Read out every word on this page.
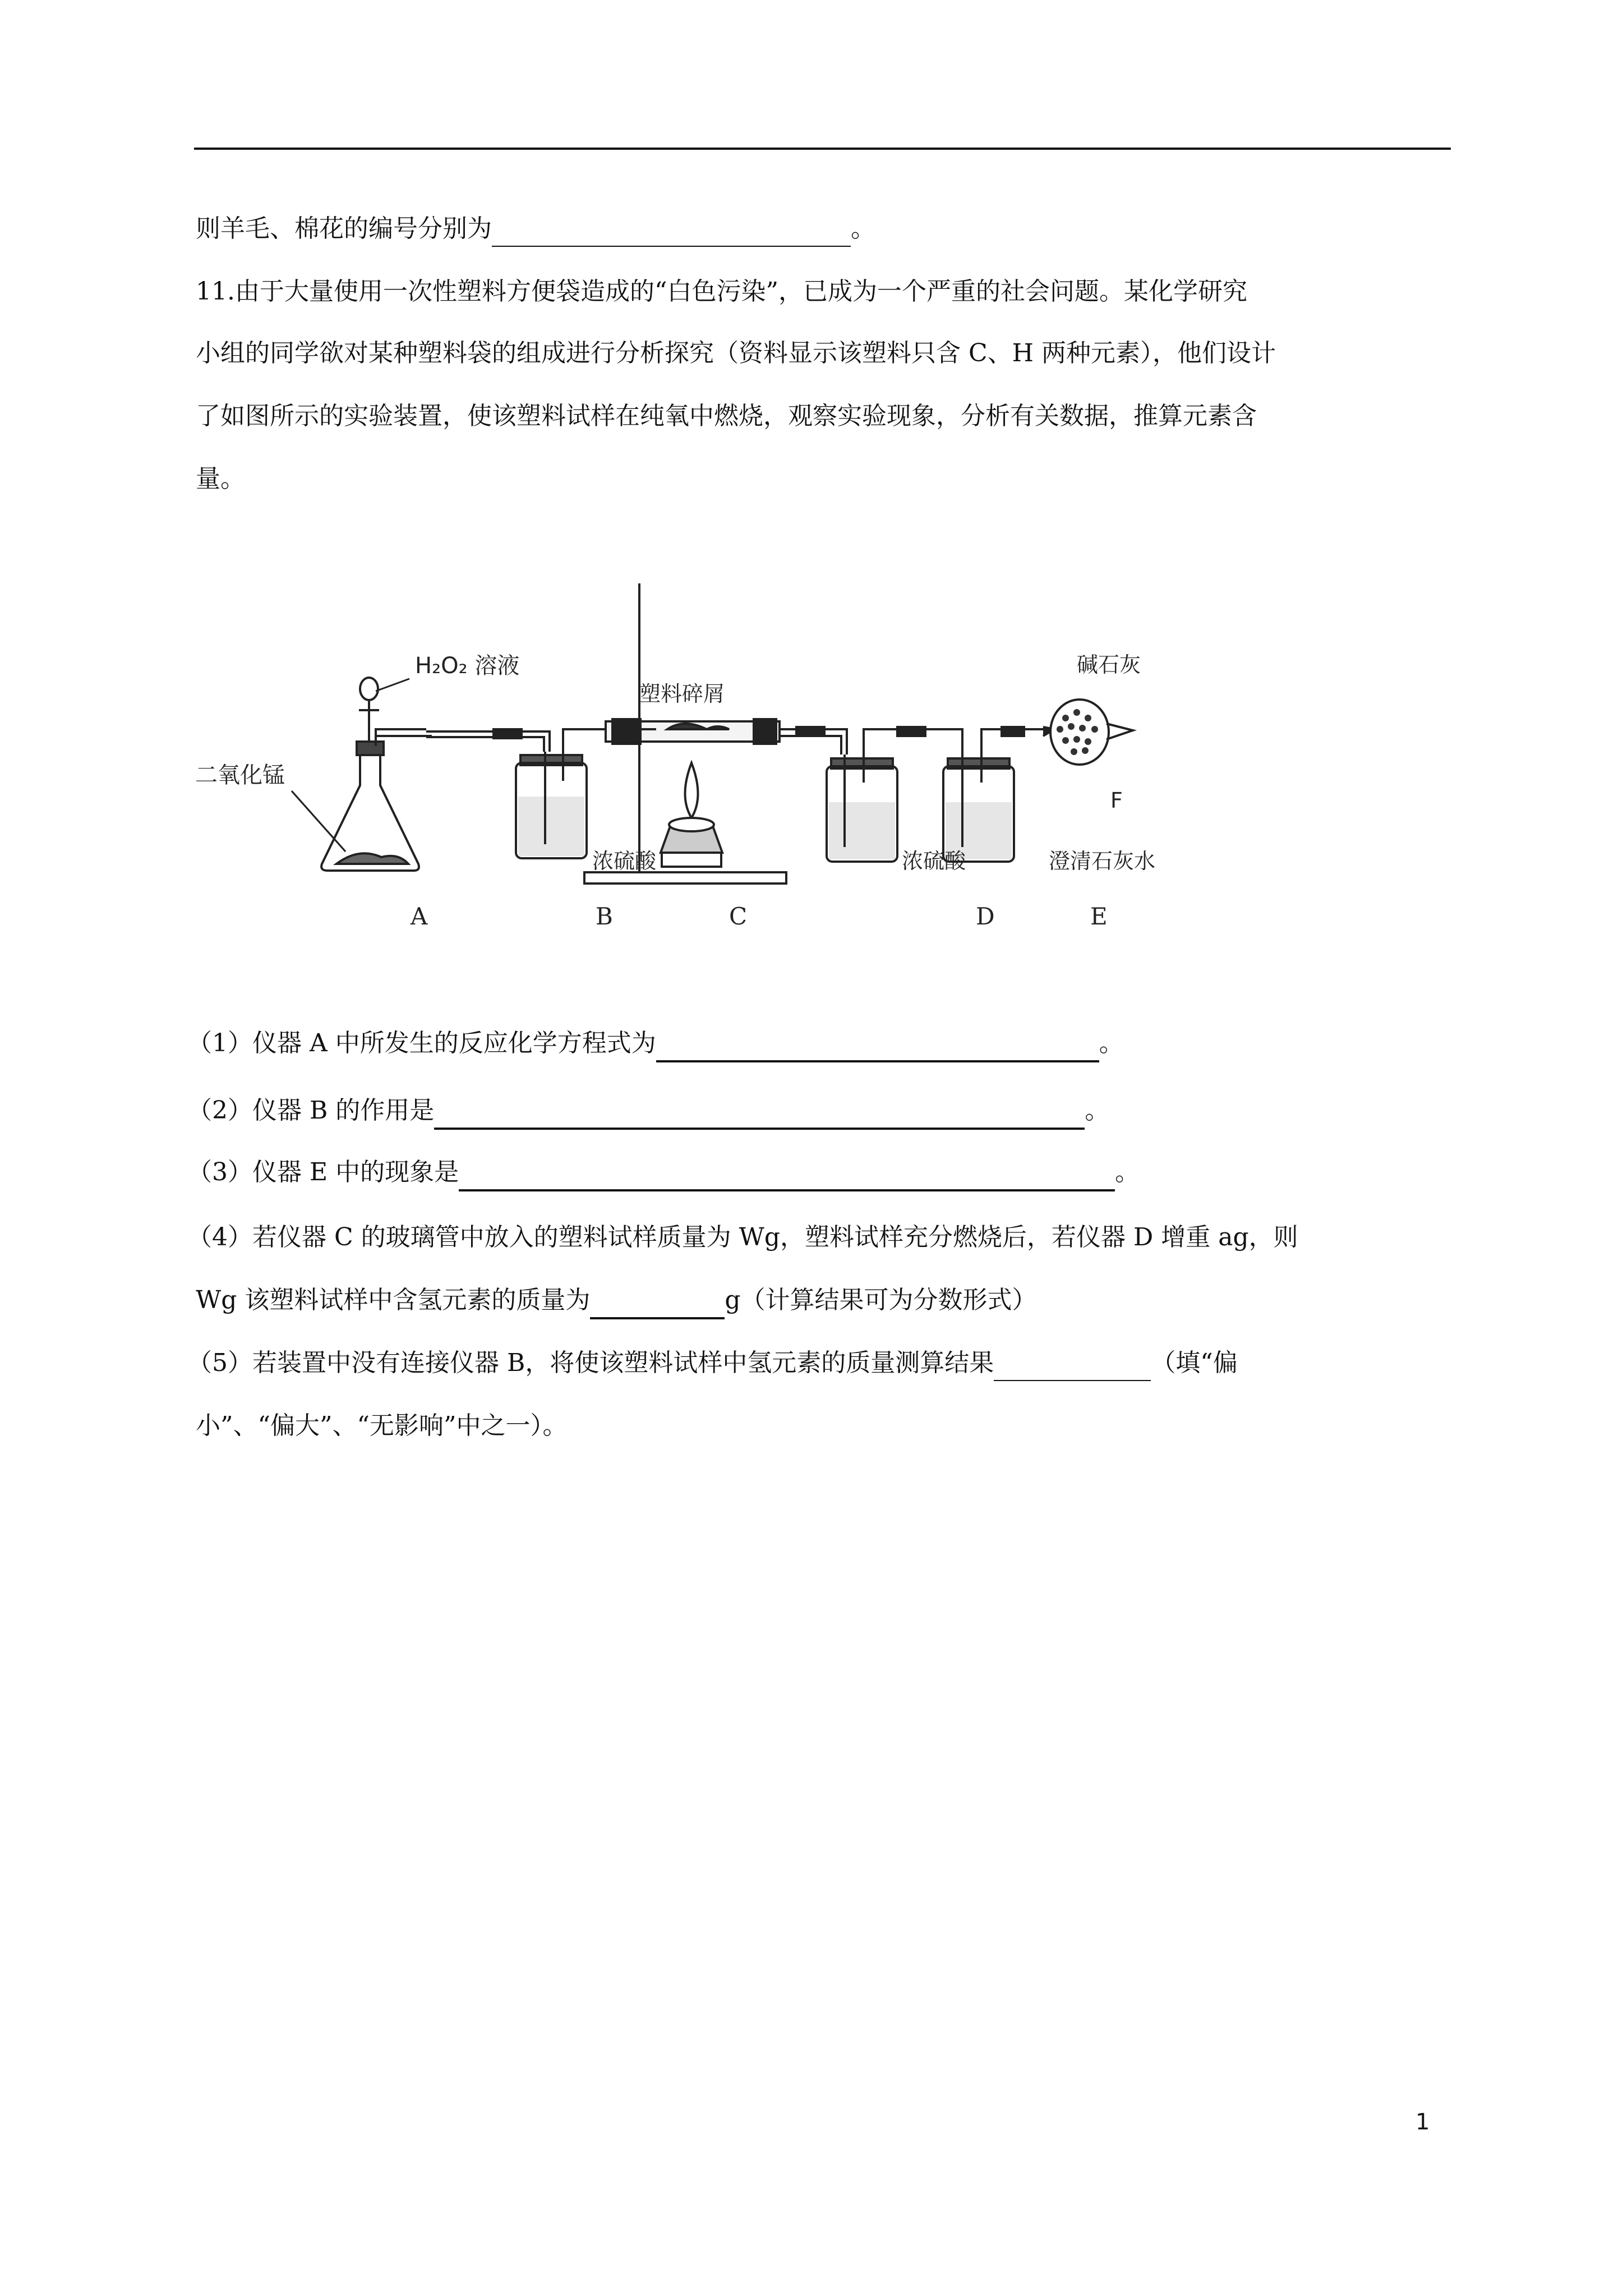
则羊毛、棉花的编号分别为	。
11.由于大量使用一次性塑料方便袋造成的“白色污染”，已成为一个严重的社会问题。某化学研究
小组的同学欲对某种塑料袋的组成进行分析探究（资料显示该塑料只含 C、H 两种元素），他们设计
了如图所示的实验装置，使该塑料试样在纯氧中燃烧，观察实验现象，分析有关数据，推算元素含
量。
H₂O₂ 溶液
二氧化锰
塑料碎屑
浓硫酸	浓硫酸	澄清石灰水
碱石灰
F
A	B	C	D	E
（1）仪器 A 中所发生的反应化学方程式为	。
（2）仪器 B 的作用是	。
（3）仪器 E 中的现象是	。
（4）若仪器 C 的玻璃管中放入的塑料试样质量为 Wg，塑料试样充分燃烧后，若仪器 D 增重 ag，则
Wg 该塑料试样中含氢元素的质量为	g（计算结果可为分数形式）
（5）若装置中没有连接仪器 B，将使该塑料试样中氢元素的质量测算结果	（填“偏
小”、“偏大”、“无影响”中之一）。
1
